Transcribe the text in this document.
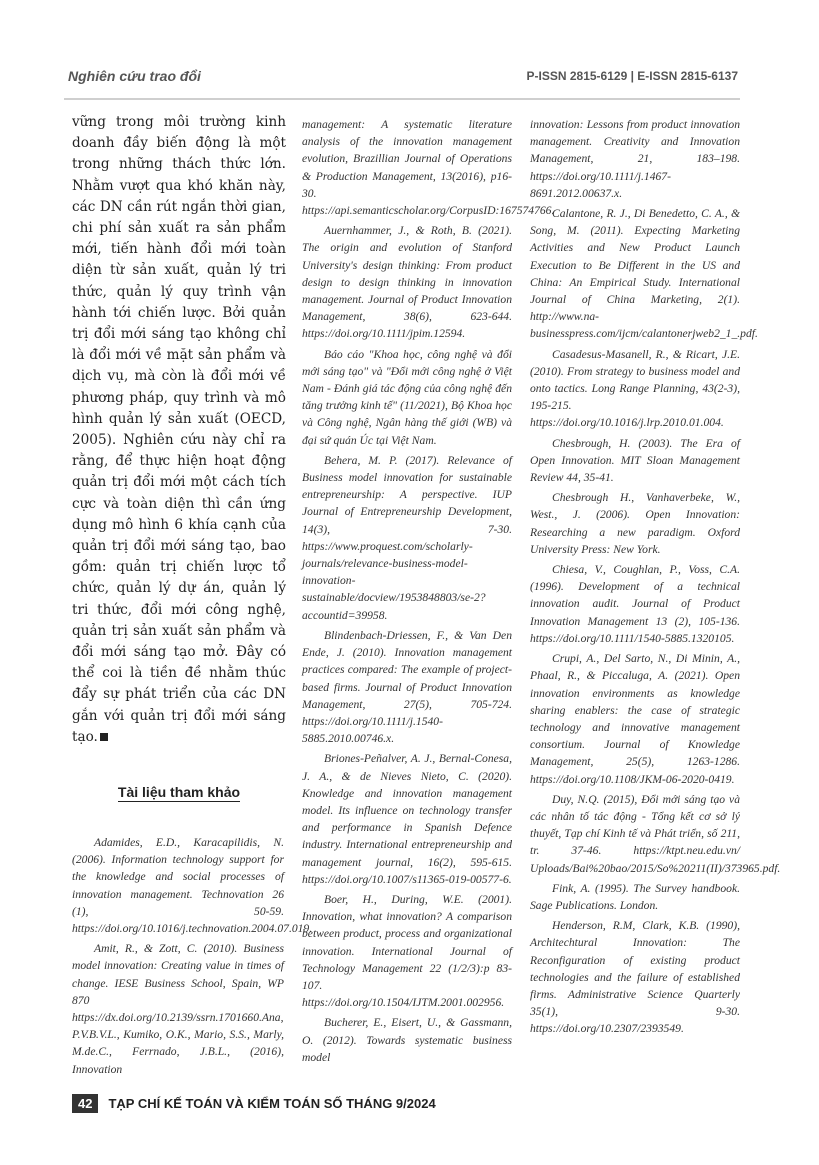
Nghiên cứu trao đổi	P-ISSN 2815-6129 | E-ISSN 2815-6137

vững trong môi trường kinh doanh đầy biến động là một trong những thách thức lớn. Nhằm vượt qua khó khăn này, các DN cần rút ngắn thời gian, chi phí sản xuất ra sản phẩm mới, tiến hành đổi mới toàn diện từ sản xuất, quản lý tri thức, quản lý quy trình vận hành tới chiến lược. Bởi quản trị đổi mới sáng tạo không chỉ là đổi mới về mặt sản phẩm và dịch vụ, mà còn là đổi mới về phương pháp, quy trình và mô hình quản lý sản xuất (OECD, 2005). Nghiên cứu này chỉ ra rằng, để thực hiện hoạt động quản trị đổi mới một cách tích cực và toàn diện thì cần ứng dụng mô hình 6 khía cạnh của quản trị đổi mới sáng tạo, bao gồm: quản trị chiến lược tổ chức, quản lý dự án, quản lý tri thức, đổi mới công nghệ, quản trị sản xuất sản phẩm và đổi mới sáng tạo mở. Đây có thể coi là tiền đề nhằm thúc đẩy sự phát triển của các DN gắn với quản trị đổi mới sáng tạo.

Tài liệu tham khảo

Adamides, E.D., Karacapilidis, N. (2006). Information technology support for the knowledge and social processes of innovation management. Technovation 26 (1), 50-59. https://doi.org/10.1016/j.technovation.2004.07.019.

Amit, R., & Zott, C. (2010). Business model innovation: Creating value in times of change. IESE Business School, Spain, WP 870 https://dx.doi.org/10.2139/ssrn.1701660.Ana, P.V.B.V.L., Kumiko, O.K., Mario, S.S., Marly, M.de.C., Ferrnado, J.B.L., (2016), Innovation

management: A systematic literature analysis of the innovation management evolution, Brazillian Journal of Operations & Production Management, 13(2016), p16-30. https://api.semanticscholar.org/CorpusID:167574766.

Auernhammer, J., & Roth, B. (2021). The origin and evolution of Stanford University's design thinking: From product design to design thinking in innovation management. Journal of Product Innovation Management, 38(6), 623-644. https://doi.org/10.1111/jpim.12594.

Báo cáo "Khoa học, công nghệ và đổi mới sáng tạo" và "Đổi mới công nghệ ở Việt Nam - Đánh giá tác động của công nghệ đến tăng trưởng kinh tế" (11/2021), Bộ Khoa học và Công nghệ, Ngân hàng thế giới (WB) và đại sứ quán Úc tại Việt Nam.

Behera, M. P. (2017). Relevance of Business model innovation for sustainable entrepreneurship: A perspective. IUP Journal of Entrepreneurship Development, 14(3), 7-30. https://www.proquest.com/scholarly-journals/relevance-business-model-innovation-sustainable/docview/1953848803/se-2?accountid=39958.

Blindenbach-Driessen, F., & Van Den Ende, J. (2010). Innovation management practices compared: The example of project-based firms. Journal of Product Innovation Management, 27(5), 705-724. https://doi.org/10.1111/j.1540-5885.2010.00746.x.

Briones-Peñalver, A. J., Bernal-Conesa, J. A., & de Nieves Nieto, C. (2020). Knowledge and innovation management model. Its influence on technology transfer and performance in Spanish Defence industry. International entrepreneurship and management journal, 16(2), 595-615. https://doi.org/10.1007/s11365-019-00577-6.

Boer, H., During, W.E. (2001). Innovation, what innovation? A comparison between product, process and organizational innovation. International Journal of Technology Management 22 (1/2/3):p 83-107. https://doi.org/10.1504/IJTM.2001.002956.

Bucherer, E., Eisert, U., & Gassmann, O. (2012). Towards systematic business model

innovation: Lessons from product innovation management. Creativity and Innovation Management, 21, 183–198. https://doi.org/10.1111/j.1467-8691.2012.00637.x.

Calantone, R. J., Di Benedetto, C. A., & Song, M. (2011). Expecting Marketing Activities and New Product Launch Execution to Be Different in the US and China: An Empirical Study. International Journal of China Marketing, 2(1). http://www.na-businesspress.com/ijcm/calantonerjweb2_1_.pdf.

Casadesus-Masanell, R., & Ricart, J.E. (2010). From strategy to business model and onto tactics. Long Range Planning, 43(2-3), 195-215. https://doi.org/10.1016/j.lrp.2010.01.004.

Chesbrough, H. (2003). The Era of Open Innovation. MIT Sloan Management Review 44, 35-41.

Chesbrough H., Vanhaverbeke, W., West., J. (2006). Open Innovation: Researching a new paradigm. Oxford University Press: New York.

Chiesa, V., Coughlan, P., Voss, C.A. (1996). Development of a technical innovation audit. Journal of Product Innovation Management 13 (2), 105-136. https://doi.org/10.1111/1540-5885.1320105.

Crupi, A., Del Sarto, N., Di Minin, A., Phaal, R., & Piccaluga, A. (2021). Open innovation environments as knowledge sharing enablers: the case of strategic technology and innovative management consortium. Journal of Knowledge Management, 25(5), 1263-1286. https://doi.org/10.1108/JKM-06-2020-0419.

Duy, N.Q. (2015), Đổi mới sáng tạo và các nhân tố tác động - Tổng kết cơ sở lý thuyết, Tạp chí Kinh tế và Phát triển, số 211, tr. 37-46. https://ktpt.neu.edu.vn/ Uploads/Bai%20bao/2015/So%20211(II)/373965.pdf.

Fink, A. (1995). The Survey handbook. Sage Publications. London.

Henderson, R.M, Clark, K.B. (1990), Architechtural Innovation: The Reconfiguration of existing product technologies and the failure of established firms. Administrative Science Quarterly 35(1), 9-30. https://doi.org/10.2307/2393549.

42 TẠP CHÍ KẾ TOÁN VÀ KIỂM TOÁN SỐ THÁNG 9/2024
